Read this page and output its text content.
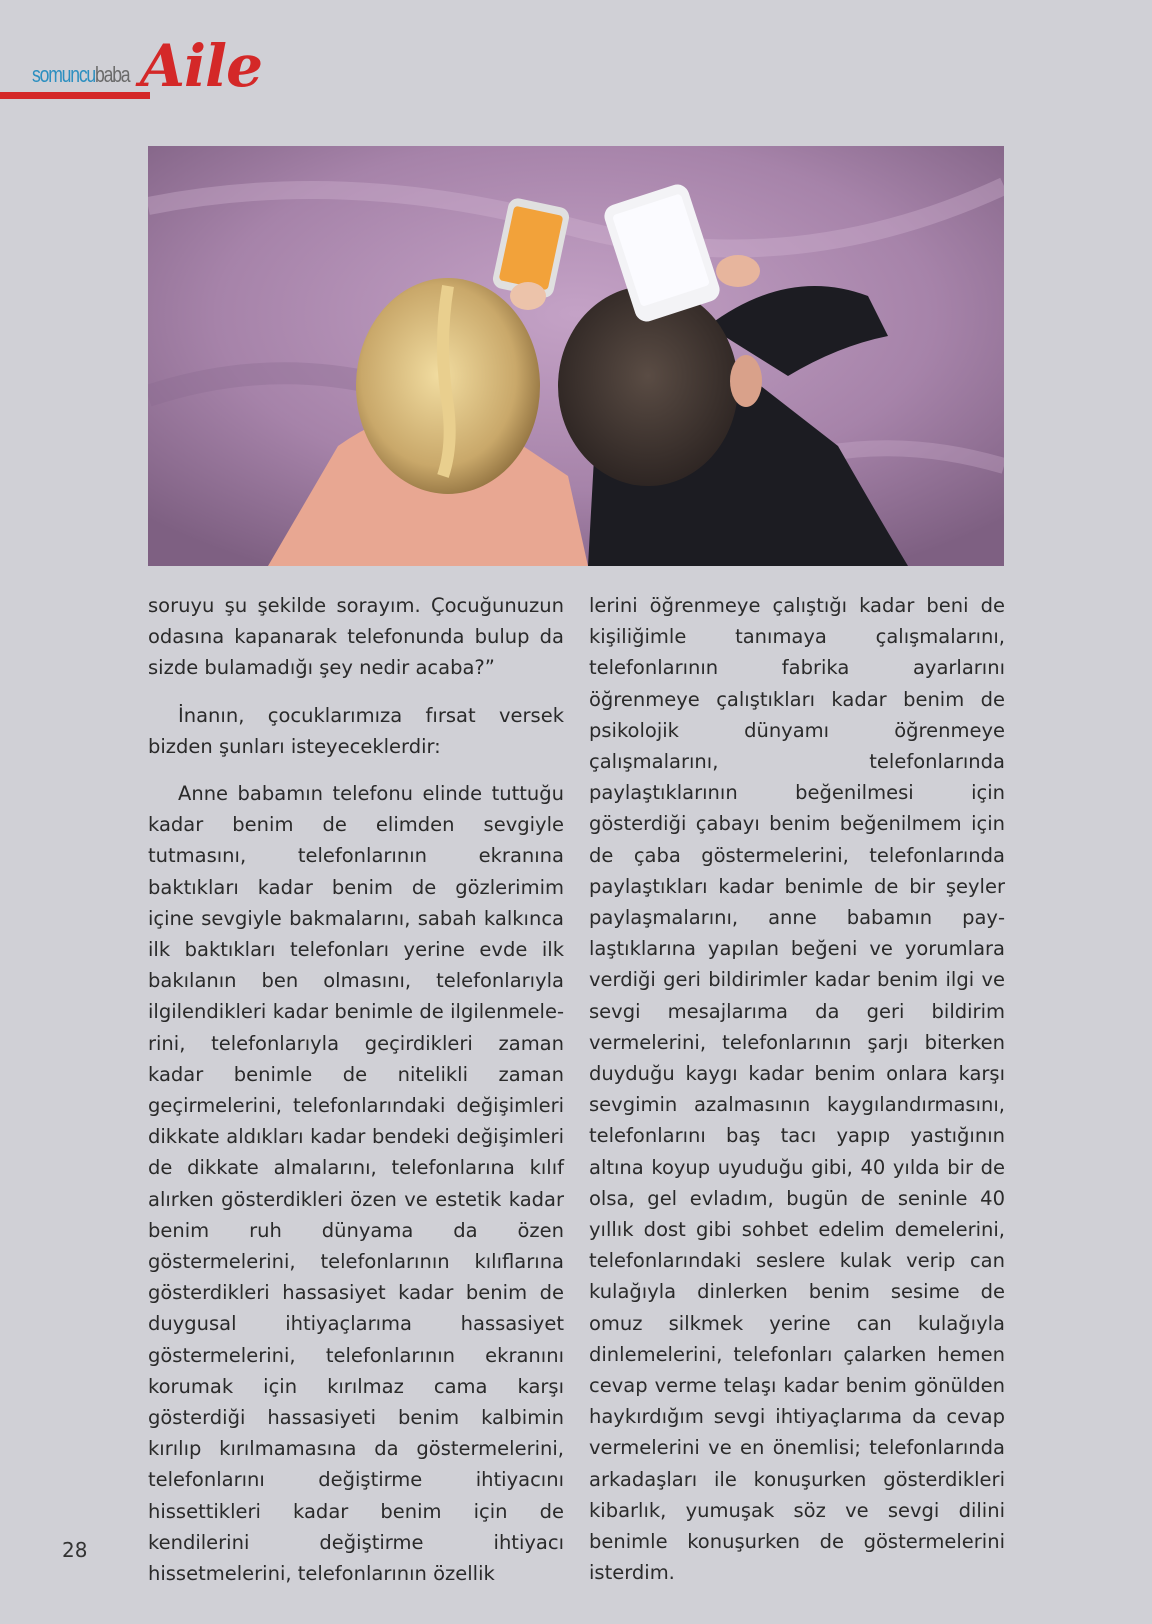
somuncubaba Aile

soruyu şu şekilde sorayım. Çocuğunuzun odasına kapanarak telefonunda bulup da sizde bulamadığı şey nedir acaba?”

İnanın, çocuklarımıza fırsat versek bizden şunları isteyeceklerdir:

Anne babamın telefonu elinde tuttuğu kadar benim de elimden sevgiyle tutmasını, telefonlarının ekranına baktıkları kadar benim de gözlerimim içine sevgiyle bakmalarını, sabah kalkınca ilk baktıkları telefonları yerine evde ilk bakılanın ben olmasını, telefonlarıyla ilgilendikleri kadar benimle de ilgilenmelerini, telefonlarıyla geçirdikleri zaman kadar benimle de nitelikli zaman geçirmelerini, telefonlarındaki değişimleri dikkate aldıkları kadar bendeki değişimleri de dikkate almalarını, telefonlarına kılıf alırken gösterdikleri özen ve estetik kadar benim ruh dünyama da özen göstermelerini, telefonlarının kılıflarına gösterdikleri hassasiyet kadar benim de duygusal ihtiyaçlarıma hassasiyet göstermelerini, telefonlarının ekranını korumak için kırılmaz cama karşı gösterdiği hassasiyeti benim kalbimin kırılıp kırılmamasına da göstermelerini, telefonlarını değiştirme ihtiyacını hissettikleri kadar benim için de kendilerini değiştirme ihtiyacı hissetmelerini, telefonlarının özellik

lerini öğrenmeye çalıştığı kadar beni de kişiliğimle tanımaya çalışmalarını, telefonlarının fabrika ayarlarını öğrenmeye çalıştıkları kadar benim de psikolojik dünyamı öğrenmeye çalışmalarını, telefonlarında paylaştıklarının beğenilmesi için gösterdiği çabayı benim beğenilmem için de çaba göstermelerini, telefonlarında paylaştıkları kadar benimle de bir şeyler paylaşmalarını, anne babamın paylaştıklarına yapılan beğeni ve yorumlara verdiği geri bildirimler kadar benim ilgi ve sevgi mesajlarıma da geri bildirim vermelerini, telefonlarının şarjı biterken duyduğu kaygı kadar benim onlara karşı sevgimin azalmasının kaygılandırmasını, telefonlarını baş tacı yapıp yastığının altına koyup uyuduğu gibi, 40 yılda bir de olsa, gel evladım, bugün de seninle 40 yıllık dost gibi sohbet edelim demelerini, telefonlarındaki seslere kulak verip can kulağıyla dinlerken benim sesime de omuz silkmek yerine can kulağıyla dinlemelerini, telefonları çalarken hemen cevap verme telaşı kadar benim gönülden haykırdığım sevgi ihtiyaçlarıma da cevap vermelerini ve en önemlisi; telefonlarında arkadaşları ile konuşurken gösterdikleri kibarlık, yumuşak söz ve sevgi dilini benimle konuşurken de göstermelerini isterdim.

28
